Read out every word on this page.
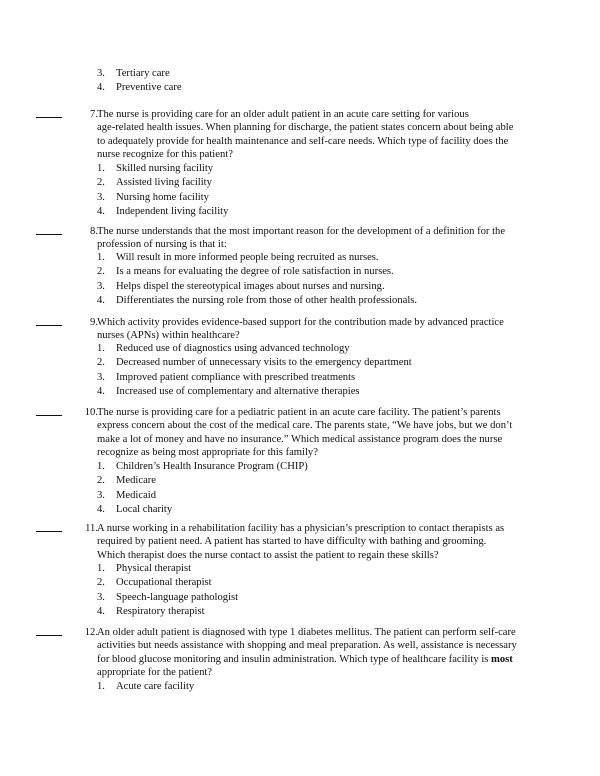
3.	Tertiary care
4.	Preventive care
7. The nurse is providing care for an older adult patient in an acute care setting for various
age-related health issues. When planning for discharge, the patient states concern about being able
to adequately provide for health maintenance and self-care needs. Which type of facility does the
nurse recognize for this patient?
1.	Skilled nursing facility
2.	Assisted living facility
3.	Nursing home facility
4.	Independent living facility
8. The nurse understands that the most important reason for the development of a definition for the
profession of nursing is that it:
1.	Will result in more informed people being recruited as nurses.
2.	Is a means for evaluating the degree of role satisfaction in nurses.
3.	Helps dispel the stereotypical images about nurses and nursing.
4.	Differentiates the nursing role from those of other health professionals.
9. Which activity provides evidence-based support for the contribution made by advanced practice
nurses (APNs) within healthcare?
1.	Reduced use of diagnostics using advanced technology
2.	Decreased number of unnecessary visits to the emergency department
3.	Improved patient compliance with prescribed treatments
4.	Increased use of complementary and alternative therapies
10. The nurse is providing care for a pediatric patient in an acute care facility. The patient’s parents
express concern about the cost of the medical care. The parents state, “We have jobs, but we don’t
make a lot of money and have no insurance.” Which medical assistance program does the nurse
recognize as being most appropriate for this family?
1.	Children’s Health Insurance Program (CHIP)
2.	Medicare
3.	Medicaid
4.	Local charity
11. A nurse working in a rehabilitation facility has a physician’s prescription to contact therapists as
required by patient need. A patient has started to have difficulty with bathing and grooming.
Which therapist does the nurse contact to assist the patient to regain these skills?
1.	Physical therapist
2.	Occupational therapist
3.	Speech-language pathologist
4.	Respiratory therapist
12. An older adult patient is diagnosed with type 1 diabetes mellitus. The patient can perform self-care
activities but needs assistance with shopping and meal preparation. As well, assistance is necessary
for blood glucose monitoring and insulin administration. Which type of healthcare facility is most
appropriate for the patient?
1.	Acute care facility
